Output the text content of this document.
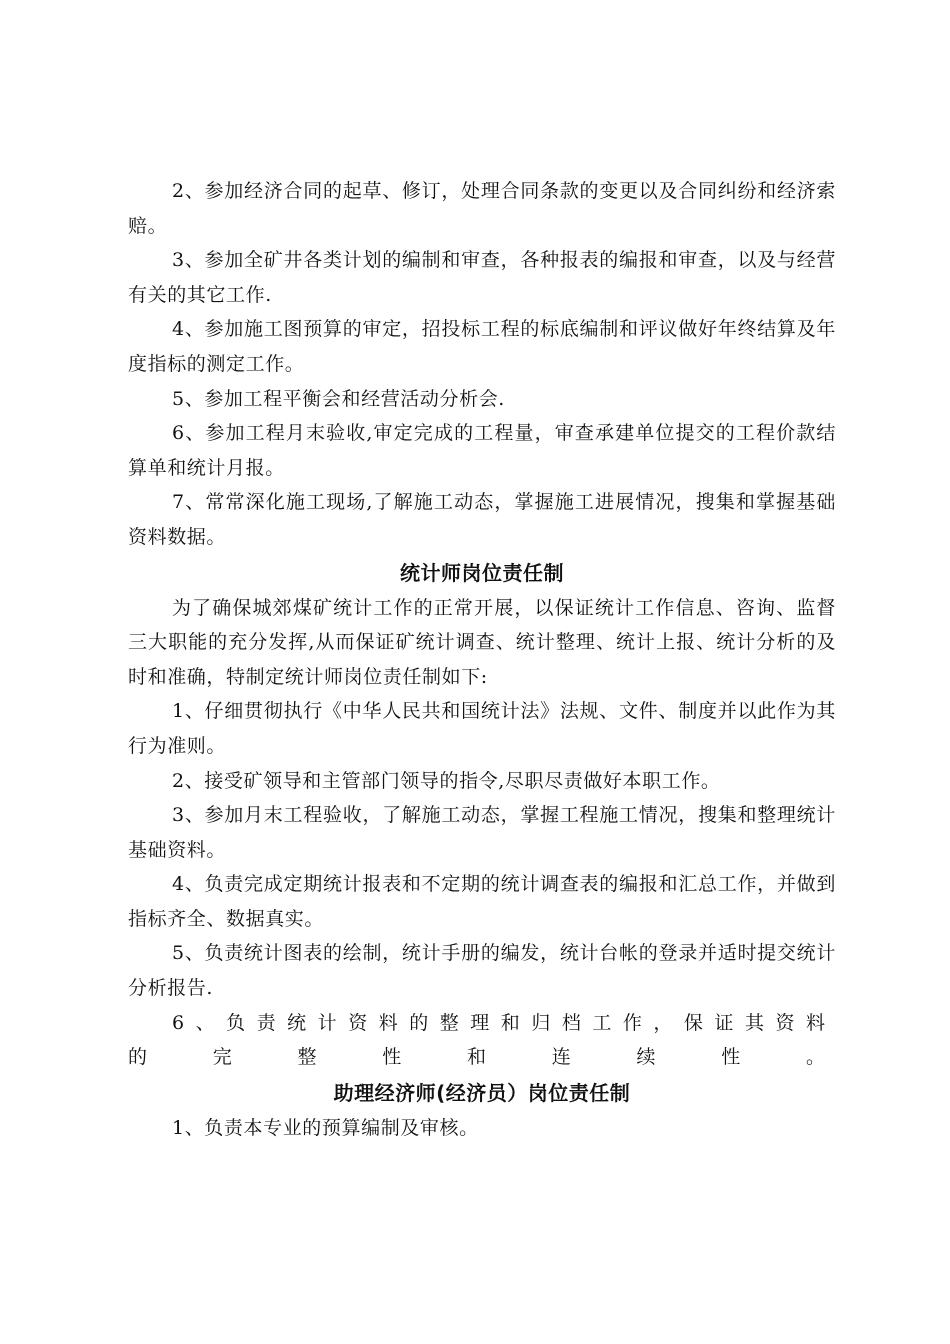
2、参加经济合同的起草、修订，处理合同条款的变更以及合同纠纷和经济索赔。

3、参加全矿井各类计划的编制和审查，各种报表的编报和审查，以及与经营有关的其它工作.

4、参加施工图预算的审定，招投标工程的标底编制和评议做好年终结算及年度指标的测定工作。

5、参加工程平衡会和经营活动分析会.

6、参加工程月末验收,审定完成的工程量，审查承建单位提交的工程价款结算单和统计月报。

7、常常深化施工现场,了解施工动态，掌握施工进展情况，搜集和掌握基础资料数据。

统计师岗位责任制

为了确保城郊煤矿统计工作的正常开展，以保证统计工作信息、咨询、监督三大职能的充分发挥,从而保证矿统计调查、统计整理、统计上报、统计分析的及时和准确，特制定统计师岗位责任制如下:

1、仔细贯彻执行《中华人民共和国统计法》法规、文件、制度并以此作为其行为准则。

2、接受矿领导和主管部门领导的指令,尽职尽责做好本职工作。

3、参加月末工程验收，了解施工动态，掌握工程施工情况，搜集和整理统计基础资料。

4、负责完成定期统计报表和不定期的统计调查表的编报和汇总工作，并做到指标齐全、数据真实。

5、负责统计图表的绘制，统计手册的编发，统计台帐的登录并适时提交统计分析报告.

6、负责统计资料的整理和归档工作，保证其资料的完整性和连续性。

助理经济师(经济员）岗位责任制

1、负责本专业的预算编制及审核。
